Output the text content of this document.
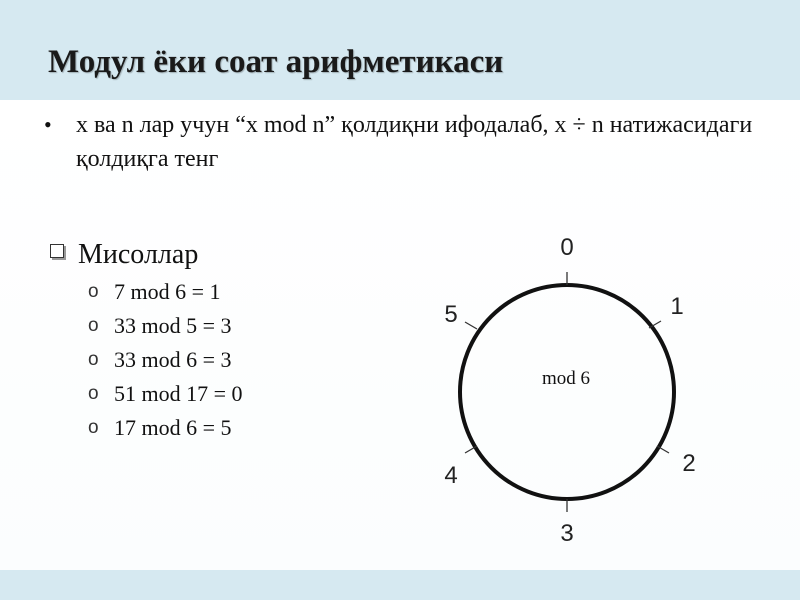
Модул ёки соат арифметикаси
• x ва n лар учун “x mod n” қолдиқни ифодалаб, x ÷ n натижасидаги қолдиқга тенг
Мисоллар
o 7 mod 6 = 1
o 33 mod 5 = 3
o 33 mod 6 = 3
o 51 mod 17 = 0
o 17 mod 6 = 5
0
1
2
3
4
5
mod 6
